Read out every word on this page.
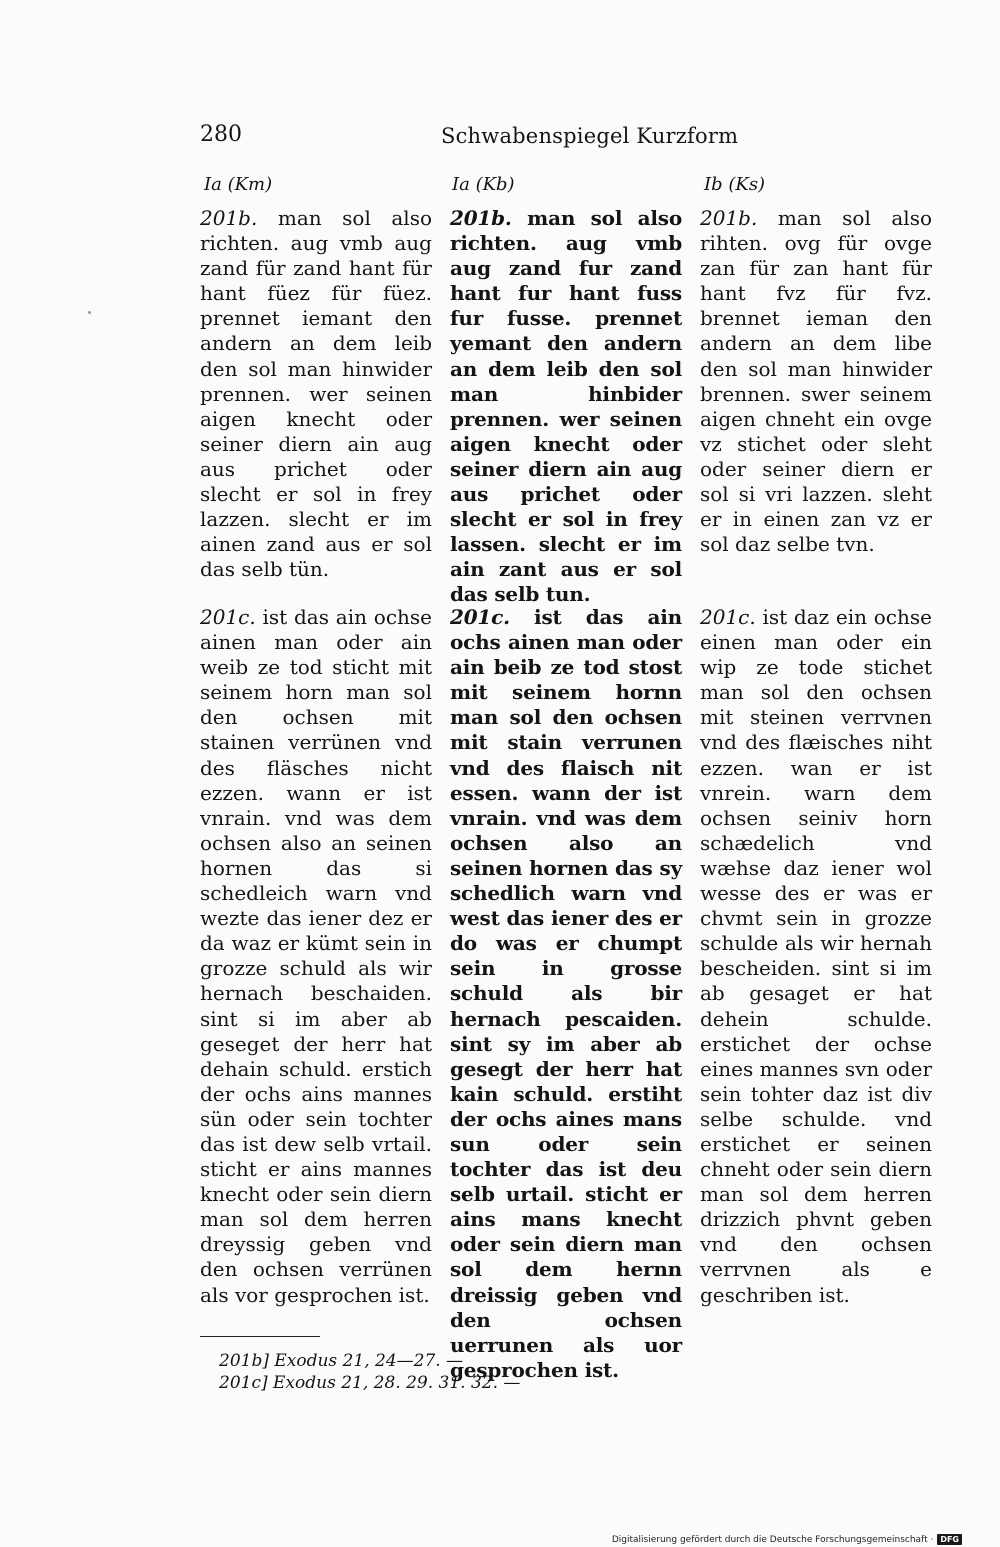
280	Schwabenspiegel Kurzform
Ia (Km)	Ia (Kb)	Ib (Ks)

201b. man sol also richten. aug vmb aug zand für zand hant für hant füez für füez. prennet iemant den andern an dem leib den sol man hinwider prennen. wer seinen aigen knecht oder seiner diern ain aug aus prichet oder slecht er sol in frey lazzen. slecht er im ainen zand aus er sol das selb tün.

201b. man sol also richten. aug vmb aug zand fur zand hant fur hant fuss fur fusse. prennet yemant den andern an dem leib den sol man hinbider prennen. wer seinen aigen knecht oder seiner diern ain aug aus prichet oder slecht er sol in frey lassen. slecht er im ain zant aus er sol das selb tun.

201b. man sol also rihten. ovg für ovge zan für zan hant für hant fvz für fvz. brennet ieman den andern an dem libe den sol man hinwider brennen. swer seinem aigen chneht ein ovge vz stichet oder sleht oder seiner diern er sol si vri lazzen. sleht er in einen zan vz er sol daz selbe tvn.

201c. ist das ain ochse ainen man oder ain weib ze tod sticht mit seinem horn man sol den ochsen mit stainen verrünen vnd des fläsches nicht ezzen. wann er ist vnrain. vnd was dem ochsen also an seinen hornen das si schedleich warn vnd wezte das iener dez er da waz er kümt sein in grozze schuld als wir hernach beschaiden. sint si im aber ab geseget der herr hat dehain schuld. erstich der ochs ains mannes sün oder sein tochter das ist dew selb vrtail. sticht er ains mannes knecht oder sein diern man sol dem herren dreyssig geben vnd den ochsen verrünen als vor gesprochen ist.

201c. ist das ain ochs ainen man oder ain beib ze tod stost mit seinem hornn man sol den ochsen mit stain verrunen vnd des flaisch nit essen. wann der ist vnrain. vnd was dem ochsen also an seinen hornen das sy schedlich warn vnd west das iener des er do was er chumpt sein in grosse schuld als bir hernach pescaiden. sint sy im aber ab gesegt der herr hat kain schuld. erstiht der ochs aines mans sun oder sein tochter das ist deu selb urtail. sticht er ains mans knecht oder sein diern man sol dem hernn dreissig geben vnd den ochsen uerrunen als uor gesprochen ist.

201c. ist daz ein ochse einen man oder ein wip ze tode stichet man sol den ochsen mit steinen verrvnen vnd des flæisches niht ezzen. wan er ist vnrein. warn dem ochsen seiniv horn schædelich vnd wæhse daz iener wol wesse des er was er chvmt sein in grozze schulde als wir hernah bescheiden. sint si im ab gesaget er hat dehein schulde. erstichet der ochse eines mannes svn oder sein tohter daz ist div selbe schulde. vnd erstichet er seinen chneht oder sein diern man sol dem herren drizzich phvnt geben vnd den ochsen verrvnen als e geschriben ist.

201b] Exodus 21, 24—27. —
201c] Exodus 21, 28. 29. 31. 32. —
Digitalisierung gefördert durch die Deutsche Forschungsgemeinschaft · DFG
